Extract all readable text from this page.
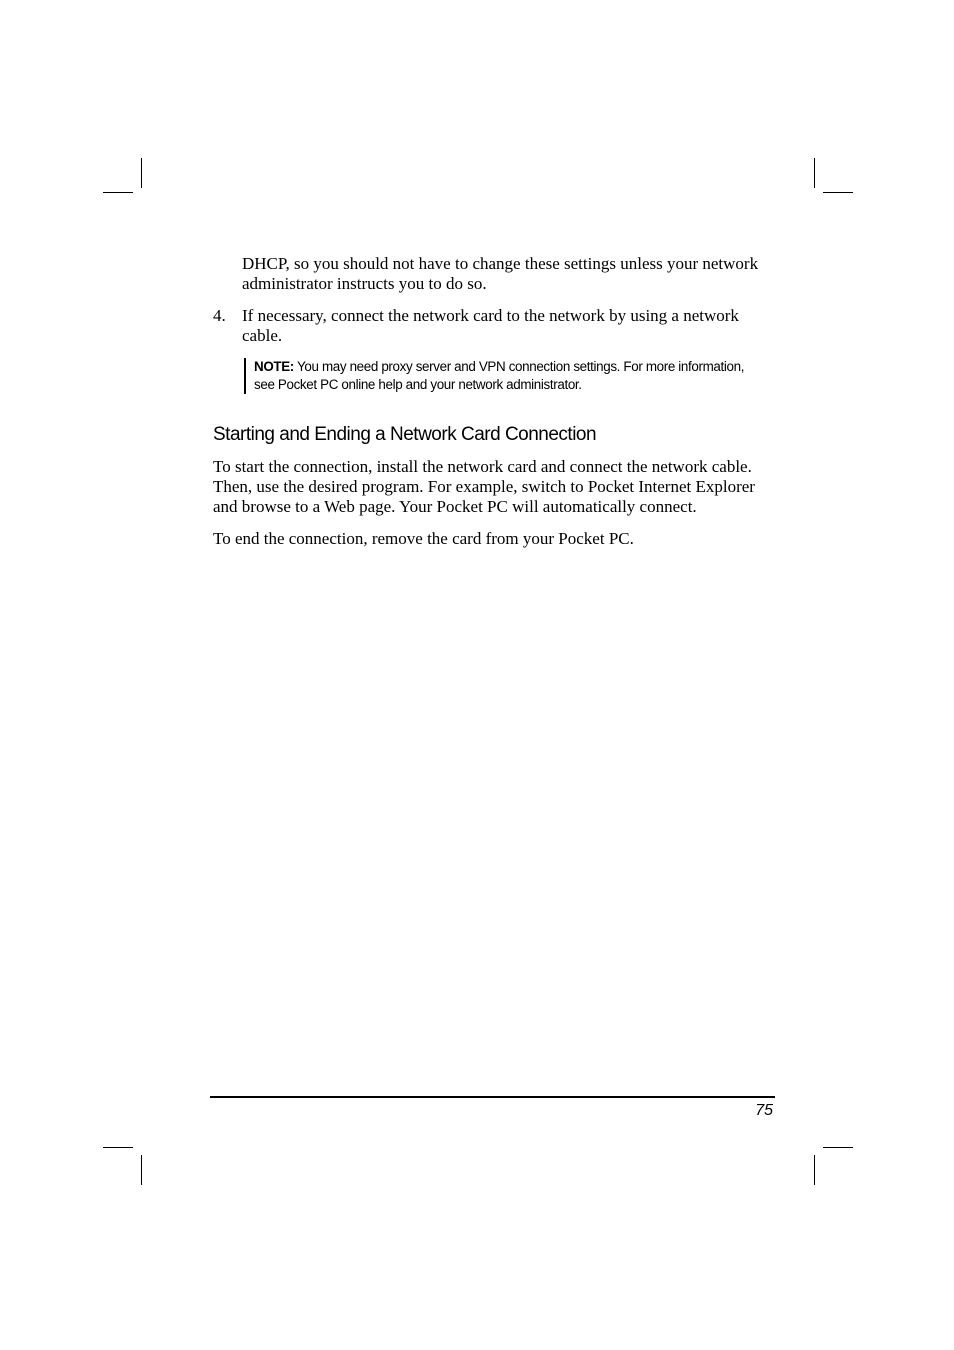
DHCP, so you should not have to change these settings unless your network
administrator instructs you to do so.
4. If necessary, connect the network card to the network by using a network
cable.
NOTE: You may need proxy server and VPN connection settings. For more information,
see Pocket PC online help and your network administrator.
Starting and Ending a Network Card Connection
To start the connection, install the network card and connect the network cable.
Then, use the desired program. For example, switch to Pocket Internet Explorer
and browse to a Web page. Your Pocket PC will automatically connect.
To end the connection, remove the card from your Pocket PC.
75
